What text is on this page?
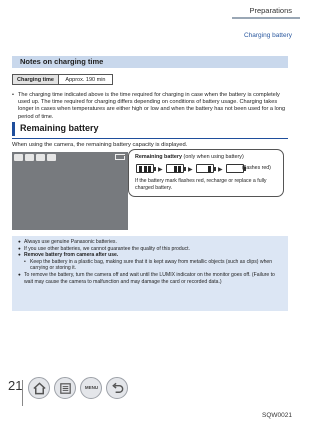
Preparations
Charging battery
Notes on charging time
Charging time	Approx. 190 min
• The charging time indicated above is the time required for charging in case when the battery is completely used up. The time required for charging differs depending on conditions of battery usage. Charging takes longer in cases when temperatures are either high or low and when the battery has not been used for a long period of time.
Remaining battery
When using the camera, the remaining battery capacity is displayed.
Remaining battery (only when using battery)
▶	▶	▶	(flashes red)
If the battery mark flashes red, recharge or replace a fully charged battery.
● Always use genuine Panasonic batteries.
● If you use other batteries, we cannot guarantee the quality of this product.
● Remove battery from camera after use.
• Keep the battery in a plastic bag, making sure that it is kept away from metallic objects (such as clips) when carrying or storing it.
● To remove the battery, turn the camera off and wait until the LUMIX indicator on the monitor goes off. (Failure to wait may cause the camera to malfunction and may damage the card or recorded data.)
21	MENU
SQW0021
